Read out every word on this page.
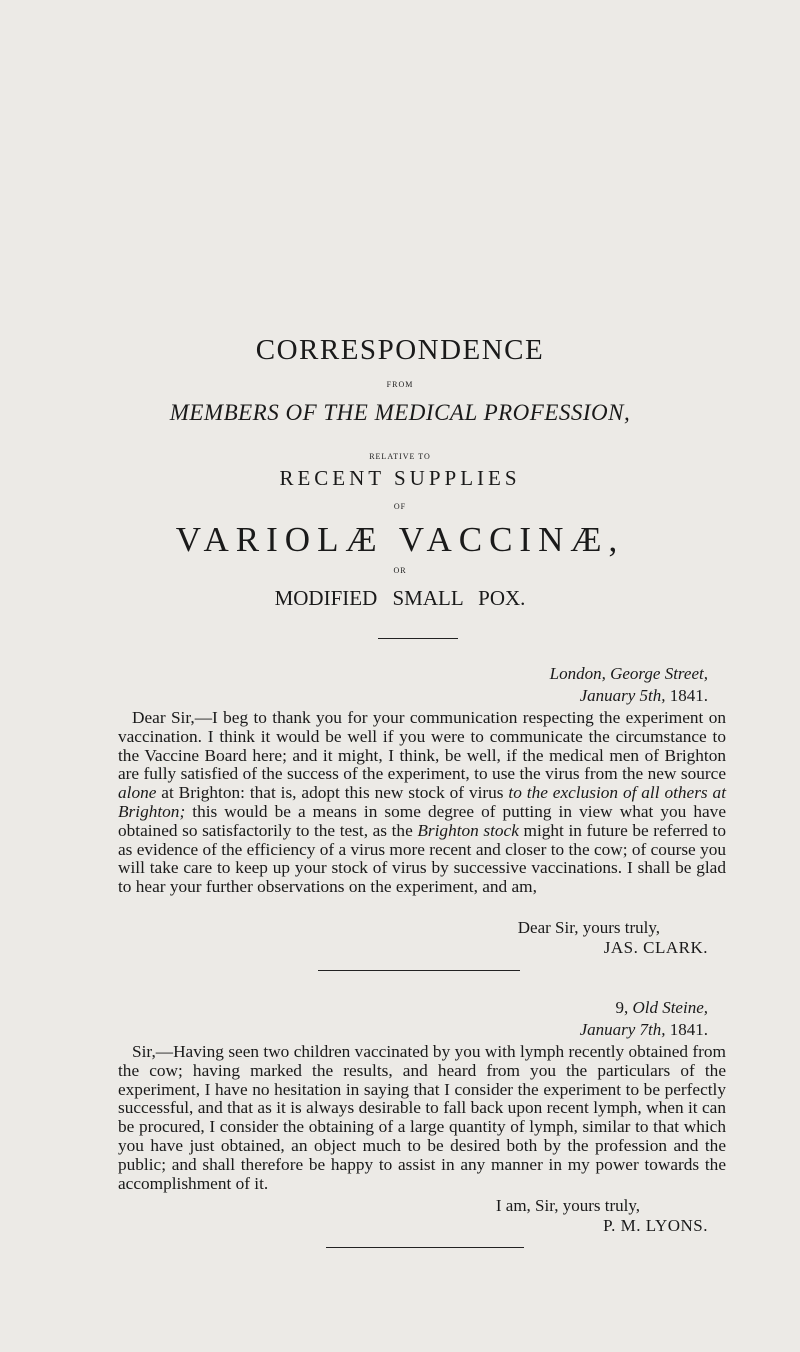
CORRESPONDENCE
FROM
MEMBERS OF THE MEDICAL PROFESSION,
RELATIVE TO
RECENT SUPPLIES
OF
VARIOLÆ VACCINÆ,
OR
MODIFIED SMALL POX.
London, George Street,
January 5th, 1841.

Dear Sir,—I beg to thank you for your communication respecting the experiment on vaccination. I think it would be well if you were to communicate the circumstance to the Vaccine Board here; and it might, I think, be well, if the medical men of Brighton are fully satisfied of the success of the experiment, to use the virus from the new source alone at Brighton: that is, adopt this new stock of virus to the exclusion of all others at Brighton; this would be a means in some degree of putting in view what you have obtained so satisfactorily to the test, as the Brighton stock might in future be referred to as evidence of the efficiency of a virus more recent and closer to the cow; of course you will take care to keep up your stock of virus by successive vaccinations. I shall be glad to hear your further observations on the experiment, and am,

Dear Sir, yours truly,
JAS. CLARK.
9, Old Steine,
January 7th, 1841.

Sir,—Having seen two children vaccinated by you with lymph recently obtained from the cow; having marked the results, and heard from you the particulars of the experiment, I have no hesitation in saying that I consider the experiment to be perfectly successful, and that as it is always desirable to fall back upon recent lymph, when it can be procured, I consider the obtaining of a large quantity of lymph, similar to that which you have just obtained, an object much to be desired both by the profession and the public; and shall therefore be happy to assist in any manner in my power towards the accomplishment of it.

I am, Sir, yours truly,
P. M. LYONS.
